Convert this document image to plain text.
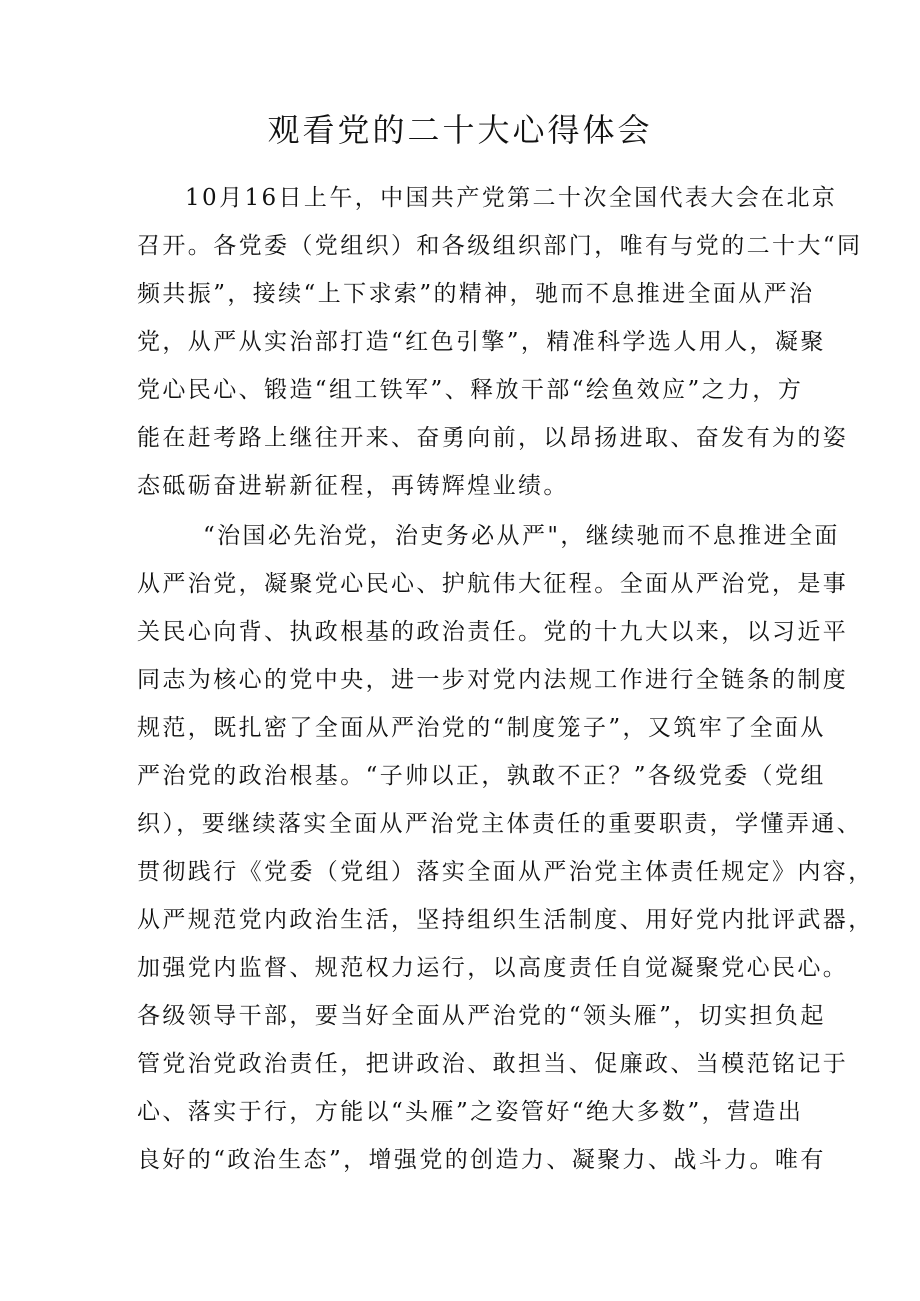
观看党的二十大心得体会
10月16日上午，中国共产党第二十次全国代表大会在北京
召开。各党委（党组织）和各级组织部门，唯有与党的二十大“同
频共振”，接续“上下求索”的精神，驰而不息推进全面从严治
党，从严从实治部打造“红色引擎”，精准科学选人用人，凝聚
党心民心、锻造“组工铁军”、释放干部“绘鱼效应”之力，方
能在赶考路上继往开来、奋勇向前，以昂扬进取、奋发有为的姿
态砥砺奋进崭新征程，再铸辉煌业绩。
“治国必先治党，治吏务必从严"，继续驰而不息推进全面
从严治党，凝聚党心民心、护航伟大征程。全面从严治党，是事
关民心向背、执政根基的政治责任。党的十九大以来，以习近平
同志为核心的党中央，进一步对党内法规工作进行全链条的制度
规范，既扎密了全面从严治党的“制度笼子”，又筑牢了全面从
严治党的政治根基。“子帅以正，孰敢不正？”各级党委（党组
织），要继续落实全面从严治党主体责任的重要职责，学懂弄通、
贯彻践行《党委（党组）落实全面从严治党主体责任规定》内容，
从严规范党内政治生活，坚持组织生活制度、用好党内批评武器，
加强党内监督、规范权力运行，以高度责任自觉凝聚党心民心。
各级领导干部，要当好全面从严治党的“领头雁”，切实担负起
管党治党政治责任，把讲政治、敢担当、促廉政、当模范铭记于
心、落实于行，方能以“头雁”之姿管好“绝大多数”，营造出
良好的“政治生态”，增强党的创造力、凝聚力、战斗力。唯有
